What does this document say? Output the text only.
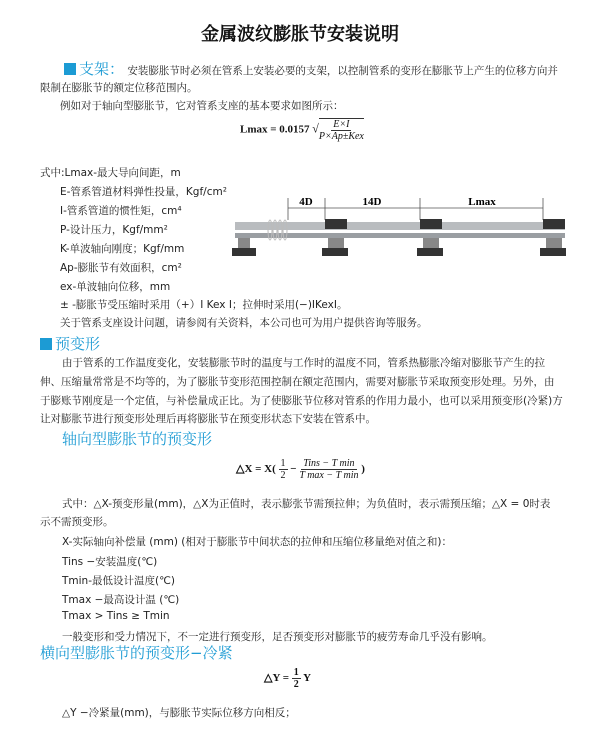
金属波纹膨胀节安装说明
支架： 安装膨胀节时必须在管系上安装必要的支架，以控制管系的变形在膨胀节上产生的位移方向并
限制在膨胀节的额定位移范围内。
例如对于轴向型膨胀节，它对管系支座的基本要求如图所示：
Lmax = 0.0157 √ $\frac{E\times I}{\text{P×Ap±Kex}}$
式中:Lmax-最大导向间距，m
E-管系管道材料弹性投量，Kgf/cm²
I-管系管道的惯性矩，cm⁴
P-设计压力，Kgf/mm²
K-单波轴向刚度；Kgf/mm
Ap-膨胀节有效面积，cm²
ex-单波轴向位移，mm
± -膨胀节受压缩时采用（+）I Kex I；拉伸时采用(−)IKexI。
关于管系支座设计问题，请参阅有关资料，本公司也可为用户提供咨询等服务。
4D	14D	Lmax
预变形
由于管系的工作温度变化，安装膨胀节时的温度与工作时的温度不同，管系热膨胀冷缩对膨胀节产生的拉
伸、压缩量常常是不均等的，为了膨胀节变形范围控制在额定范围内，需要对膨胀节采取预变形处理。另外，由
于膨账节刚度是一个定值，与补偿量成正比。为了使膨胀节位移对管系的作用力最小，也可以采用预变形(冷紧)方
让对膨胀节进行预变形处理后再将膨胀节在预变形状态下安装在管系中。
轴向型膨胀节的预变形
△X = $X( \frac{1}{2} - \frac{\text{Tins − T min}}{\text{T max − T min}}$ )
式中：△X-预变形量(mm)，△X为正值时，表示膨张节需预拉伸；为负值时，表示需预压缩；△X = 0时表
示不需预变形。
X-实际轴向补偿量 (mm) (相对于膨胀节中间状态的拉伸和压缩位移量绝对值之和)：
Tins −安装温度(℃)
Tmin-最低设计温度(℃)
Tmax −最高设计温 (℃)
Tmax > Tins ≥ Tmin
一般变形和受力情况下，不一定进行预变形，足否预变形对膨胀节的疲劳寿命几乎没有影响。
横向型膨胀节的预变形−冷紧
△Y = $\frac{1}{2}$ Y
△Y −冷紧量(mm)，与膨胀节实际位移方向相反；
